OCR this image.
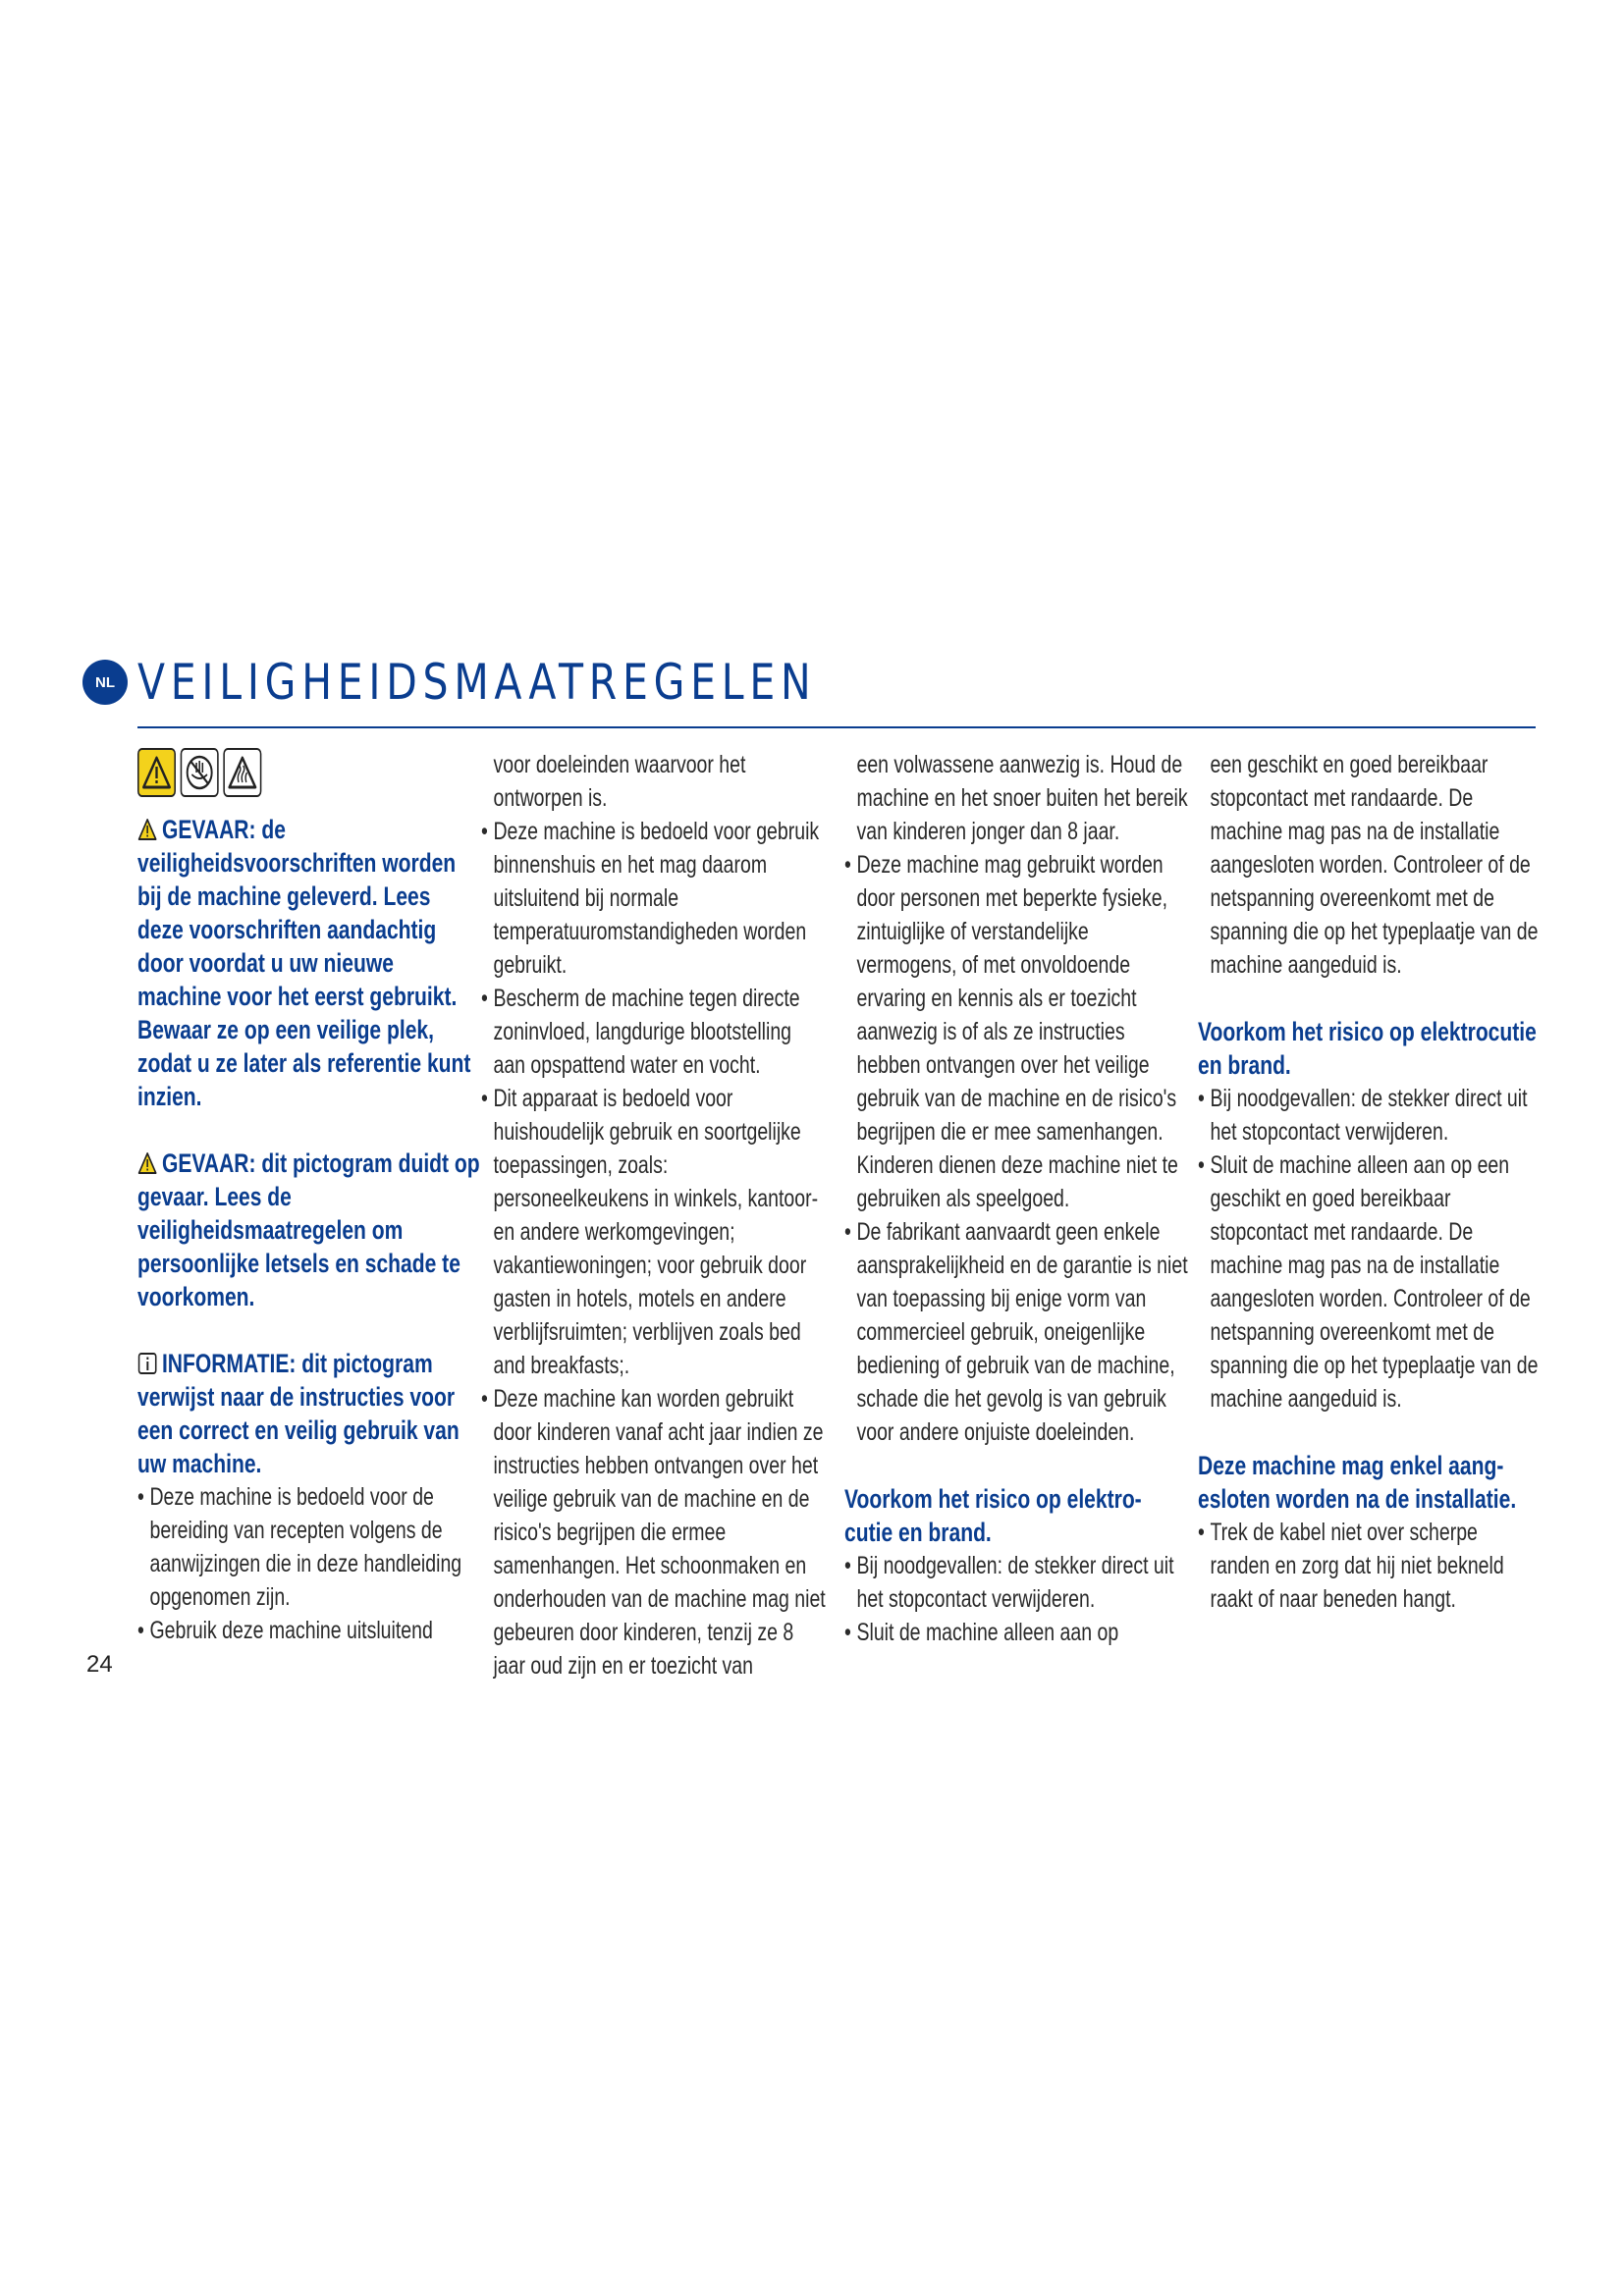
NL VEILIGHEIDSMAATREGELEN

GEVAAR: de veiligheidsvoorschriften worden bij de machine geleverd. Lees deze voorschriften aandachtig door voordat u uw nieuwe machine voor het eerst gebruikt. Bewaar ze op een veilige plek, zodat u ze later als referentie kunt inzien.

GEVAAR: dit pictogram duidt op gevaar. Lees de veiligheidsmaatregelen om persoonlijke letsels en schade te voorkomen.

INFORMATIE: dit pictogram verwijst naar de instructies voor een correct en veilig gebruik van uw machine.

• Deze machine is bedoeld voor de bereiding van recepten volgens de aanwijzingen die in deze handleiding opgenomen zijn.
• Gebruik deze machine uitsluitend

voor doeleinden waarvoor het ontworpen is.

• Deze machine is bedoeld voor gebruik binnenshuis en het mag daarom uitsluitend bij normale temperatuuromstandigheden worden gebruikt.
• Bescherm de machine tegen directe zoninvloed, langdurige blootstelling aan opspattend water en vocht.
• Dit apparaat is bedoeld voor huishoudelijk gebruik en soortgelijke toepassingen, zoals: personeelkeukens in winkels, kantoor- en andere werkomgevingen; vakantiewoningen; voor gebruik door gasten in hotels, motels en andere verblijfsruimten; verblijven zoals bed and breakfasts;.
• Deze machine kan worden gebruikt door kinderen vanaf acht jaar indien ze instructies hebben ontvangen over het veilige gebruik van de machine en de risico's begrijpen die ermee samenhangen. Het schoonmaken en onderhouden van de machine mag niet gebeuren door kinderen, tenzij ze 8 jaar oud zijn en er toezicht van

een volwassene aanwezig is. Houd de machine en het snoer buiten het bereik van kinderen jonger dan 8 jaar.

• Deze machine mag gebruikt worden door personen met beperkte fysieke, zintuiglijke of verstandelijke vermogens, of met onvoldoende ervaring en kennis als er toezicht aanwezig is of als ze instructies hebben ontvangen over het veilige gebruik van de machine en de risico's begrijpen die er mee samenhangen. Kinderen dienen deze machine niet te gebruiken als speelgoed.
• De fabrikant aanvaardt geen enkele aansprakelijkheid en de garantie is niet van toepassing bij enige vorm van commercieel gebruik, oneigenlijke bediening of gebruik van de machine, schade die het gevolg is van gebruik voor andere onjuiste doeleinden.

Voorkom het risico op elektro-cutie en brand.

• Bij noodgevallen: de stekker direct uit het stopcontact verwijderen.
• Sluit de machine alleen aan op

een geschikt en goed bereikbaar stopcontact met randaarde. De machine mag pas na de installatie aangesloten worden. Controleer of de netspanning overeenkomt met de spanning die op het typeplaatje van de machine aangeduid is.

Voorkom het risico op elektrocutie en brand.

• Bij noodgevallen: de stekker direct uit het stopcontact verwijderen.
• Sluit de machine alleen aan op een geschikt en goed bereikbaar stopcontact met randaarde. De machine mag pas na de installatie aangesloten worden. Controleer of de netspanning overeenkomt met de spanning die op het typeplaatje van de machine aangeduid is.

Deze machine mag enkel aang-esloten worden na de installatie.

• Trek de kabel niet over scherpe randen en zorg dat hij niet bekneld raakt of naar beneden hangt.
24
